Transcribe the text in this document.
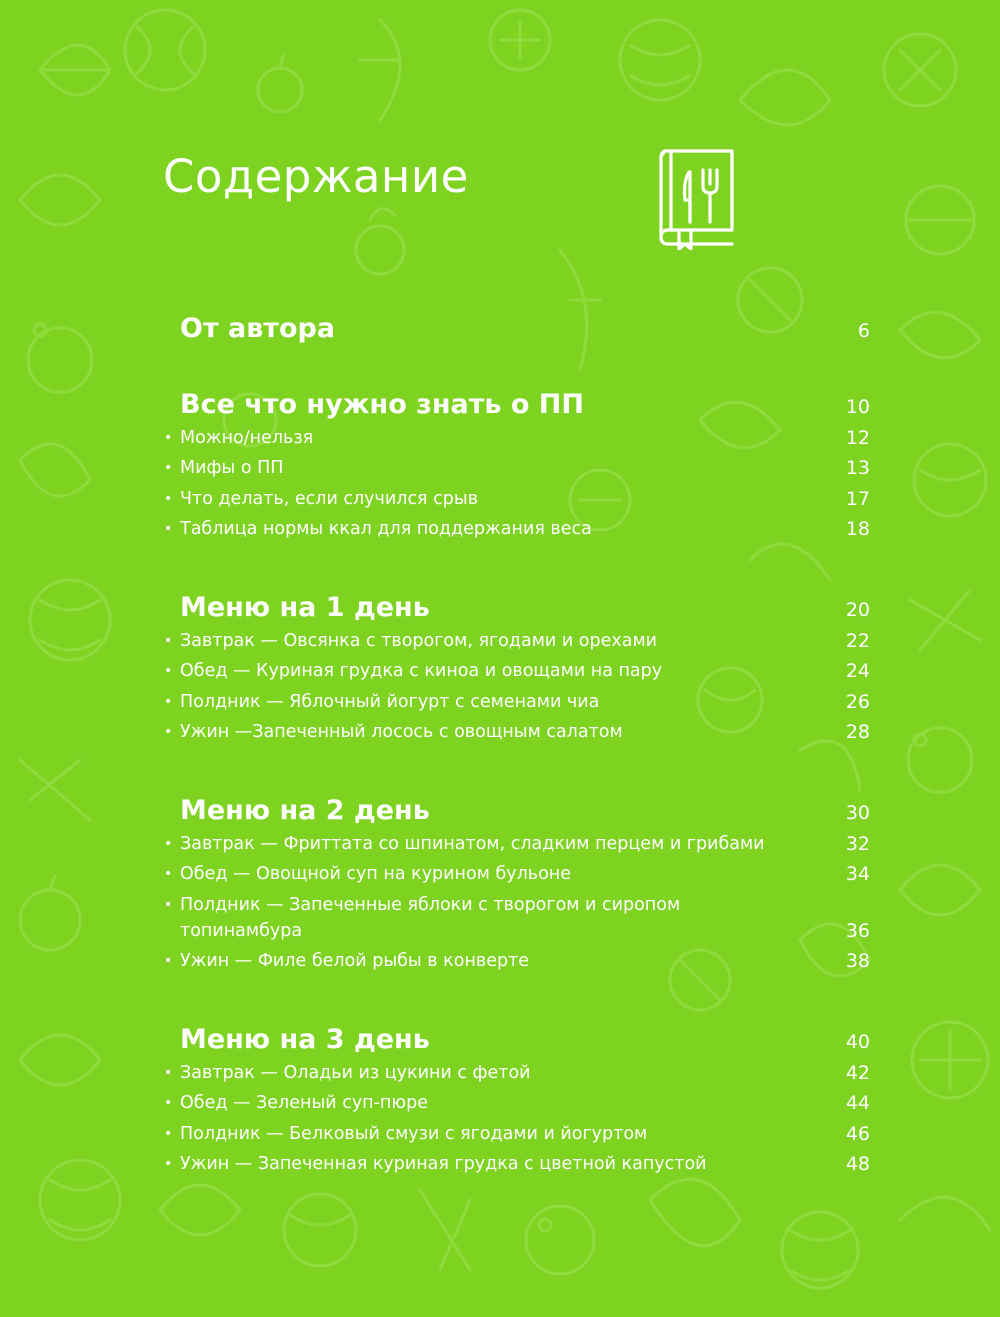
Содержание
От автора	6
Все что нужно знать о ПП	10
• Можно/нельзя	12
• Мифы о ПП	13
• Что делать, если случился срыв	17
• Таблица нормы ккал для поддержания веса	18
Меню на 1 день	20
• Завтрак — Овсянка с творогом, ягодами и орехами	22
• Обед — Куриная грудка с киноа и овощами на пару	24
• Полдник — Яблочный йогурт с семенами чиа	26
• Ужин —Запеченный лосось с овощным салатом	28
Меню на 2 день	30
• Завтрак — Фриттата со шпинатом, сладким перцем и грибами	32
• Обед — Овощной суп на курином бульоне	34
• Полдник — Запеченные яблоки с творогом и сиропом топинамбура	36
• Ужин — Филе белой рыбы в конверте	38
Меню на 3 день	40
• Завтрак — Оладьи из цукини с фетой	42
• Обед — Зеленый суп-пюре	44
• Полдник — Белковый смузи с ягодами и йогуртом	46
• Ужин — Запеченная куриная грудка с цветной капустой	48
